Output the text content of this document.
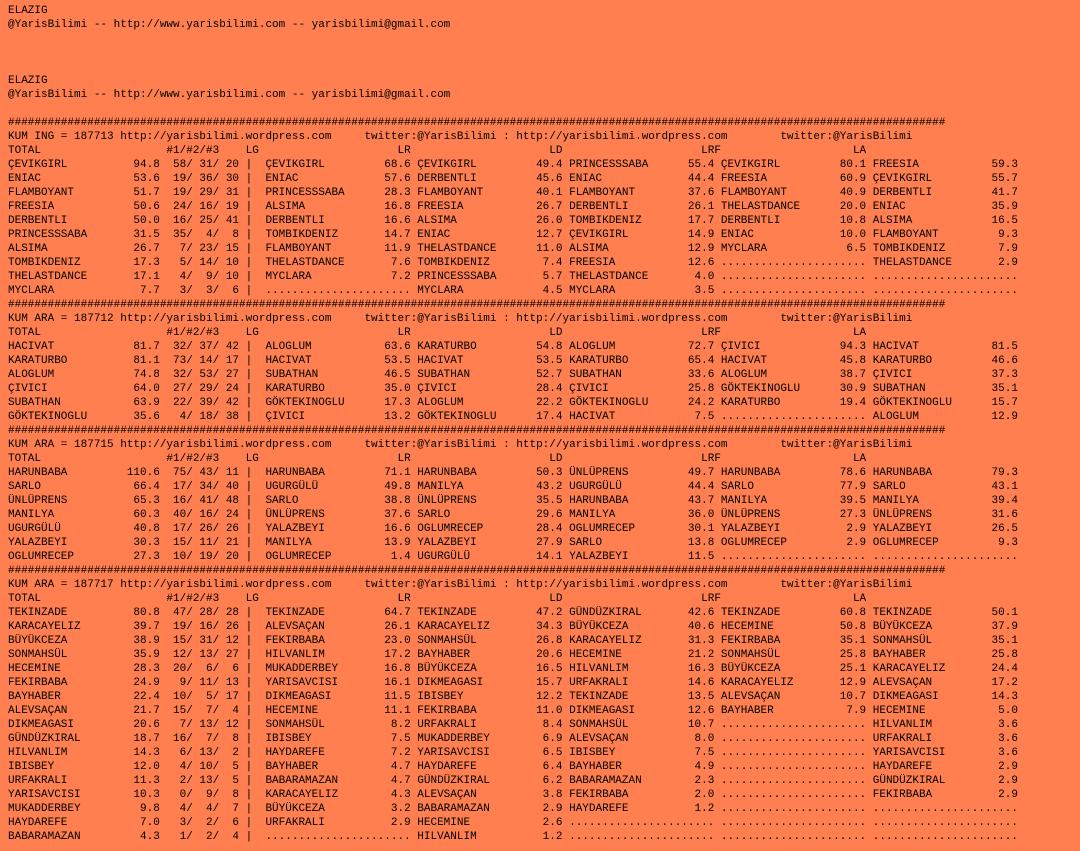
ELAZIG
@YarisBilimi -- http://www.yarisbilimi.com -- yarisbilimi@gmail.com
ELAZIG
@YarisBilimi -- http://www.yarisbilimi.com -- yarisbilimi@gmail.com
##############################################################################################################################################
KUM ING = 187713 http://yarisbilimi.wordpress.com     twitter:@YarisBilimi : http://yarisbilimi.wordpress.com        twitter:@YarisBilimi
TOTAL                   #1/#2/#3    LG                     LR                     LD                     LRF                    LA
ÇEVIKGIRL          94.8  58/ 31/ 20 |  ÇEVIKGIRL         68.6 ÇEVIKGIRL         49.4 PRINCESSSABA      55.4 ÇEVIKGIRL         80.1 FREESIA           59.3
ENIAC              53.6  19/ 36/ 30 |  ENIAC             57.6 DERBENTLI         45.6 ENIAC             44.4 FREESIA           60.9 ÇEVIKGIRL         55.7
FLAMBOYANT         51.7  19/ 29/ 31 |  PRINCESSSABA      28.3 FLAMBOYANT        40.1 FLAMBOYANT        37.6 FLAMBOYANT        40.9 DERBENTLI         41.7
FREESIA            50.6  24/ 16/ 19 |  ALSIMA            16.8 FREESIA           26.7 DERBENTLI         26.1 THELASTDANCE      20.0 ENIAC             35.9
DERBENTLI          50.0  16/ 25/ 41 |  DERBENTLI         16.6 ALSIMA            26.0 TOMBIKDENIZ       17.7 DERBENTLI         10.8 ALSIMA            16.5
PRINCESSSABA       31.5  35/  4/  8 |  TOMBIKDENIZ       14.7 ENIAC             12.7 ÇEVIKGIRL         14.9 ENIAC             10.0 FLAMBOYANT         9.3
ALSIMA             26.7   7/ 23/ 15 |  FLAMBOYANT        11.9 THELASTDANCE      11.0 ALSIMA            12.9 MYCLARA            6.5 TOMBIKDENIZ        7.9
TOMBIKDENIZ        17.3   5/ 14/ 10 |  THELASTDANCE       7.6 TOMBIKDENIZ        7.4 FREESIA           12.6 ...................... THELASTDANCE       2.9
THELASTDANCE       17.1   4/  9/ 10 |  MYCLARA            7.2 PRINCESSSABA       5.7 THELASTDANCE       4.0 ...................... ......................
MYCLARA             7.7   3/  3/  6 |  ...................... MYCLARA            4.5 MYCLARA            3.5 ...................... ......................
##############################################################################################################################################
KUM ARA = 187712 http://yarisbilimi.wordpress.com     twitter:@YarisBilimi : http://yarisbilimi.wordpress.com        twitter:@YarisBilimi
TOTAL                   #1/#2/#3    LG                     LR                     LD                     LRF                    LA
HACIVAT            81.7  32/ 37/ 42 |  ALOGLUM           63.6 KARATURBO         54.8 ALOGLUM           72.7 ÇIVICI            94.3 HACIVAT           81.5
KARATURBO          81.1  73/ 14/ 17 |  HACIVAT           53.5 HACIVAT           53.5 KARATURBO         65.4 HACIVAT           45.8 KARATURBO         46.6
ALOGLUM            74.8  32/ 53/ 27 |  SUBATHAN          46.5 SUBATHAN          52.7 SUBATHAN          33.6 ALOGLUM           38.7 ÇIVICI            37.3
ÇIVICI             64.0  27/ 29/ 24 |  KARATURBO         35.0 ÇIVICI            28.4 ÇIVICI            25.8 GÖKTEKINOGLU      30.9 SUBATHAN          35.1
SUBATHAN           63.9  22/ 39/ 42 |  GÖKTEKINOGLU      17.3 ALOGLUM           22.2 GÖKTEKINOGLU      24.2 KARATURBO         19.4 GÖKTEKINOGLU      15.7
GÖKTEKINOGLU       35.6   4/ 18/ 38 |  ÇIVICI            13.2 GÖKTEKINOGLU      17.4 HACIVAT            7.5 ...................... ALOGLUM           12.9
##############################################################################################################################################
KUM ARA = 187715 http://yarisbilimi.wordpress.com     twitter:@YarisBilimi : http://yarisbilimi.wordpress.com        twitter:@YarisBilimi
TOTAL                   #1/#2/#3    LG                     LR                     LD                     LRF                    LA
HARUNBABA         110.6  75/ 43/ 11 |  HARUNBABA         71.1 HARUNBABA         50.3 ÜNLÜPRENS         49.7 HARUNBABA         78.6 HARUNBABA         79.3
SARLO              66.4  17/ 34/ 40 |  UGURGÜLÜ          49.8 MANILYA           43.2 UGURGÜLÜ          44.4 SARLO             77.9 SARLO             43.1
ÜNLÜPRENS          65.3  16/ 41/ 48 |  SARLO             38.8 ÜNLÜPRENS         35.5 HARUNBABA         43.7 MANILYA           39.5 MANILYA           39.4
MANILYA            60.3  40/ 16/ 24 |  ÜNLÜPRENS         37.6 SARLO             29.6 MANILYA           36.0 ÜNLÜPRENS         27.3 ÜNLÜPRENS         31.6
UGURGÜLÜ           40.8  17/ 26/ 26 |  YALAZBEYI         16.6 OGLUMRECEP        28.4 OGLUMRECEP        30.1 YALAZBEYI          2.9 YALAZBEYI         26.5
YALAZBEYI          30.3  15/ 11/ 21 |  MANILYA           13.9 YALAZBEYI         27.9 SARLO             13.8 OGLUMRECEP         2.9 OGLUMRECEP         9.3
OGLUMRECEP         27.3  10/ 19/ 20 |  OGLUMRECEP         1.4 UGURGÜLÜ          14.1 YALAZBEYI         11.5 ...................... ......................
##############################################################################################################################################
KUM ARA = 187717 http://yarisbilimi.wordpress.com     twitter:@YarisBilimi : http://yarisbilimi.wordpress.com        twitter:@YarisBilimi
TOTAL                   #1/#2/#3    LG                     LR                     LD                     LRF                    LA
TEKINZADE          80.8  47/ 28/ 28 |  TEKINZADE         64.7 TEKINZADE         47.2 GÜNDÜZKIRAL       42.6 TEKINZADE         60.8 TEKINZADE         50.1
KARACAYELIZ        39.7  19/ 16/ 26 |  ALEVSAÇAN         26.1 KARACAYELIZ       34.3 BÜYÜKCEZA         40.6 HECEMINE          50.8 BÜYÜKCEZA         37.9
BÜYÜKCEZA          38.9  15/ 31/ 12 |  FEKIRBABA         23.0 SONMAHSÜL         26.8 KARACAYELIZ       31.3 FEKIRBABA         35.1 SONMAHSÜL         35.1
SONMAHSÜL          35.9  12/ 13/ 27 |  HILVANLIM         17.2 BAYHABER          20.6 HECEMINE          21.2 SONMAHSÜL         25.8 BAYHABER          25.8
HECEMINE           28.3  20/  6/  6 |  MUKADDERBEY       16.8 BÜYÜKCEZA         16.5 HILVANLIM         16.3 BÜYÜKCEZA         25.1 KARACAYELIZ       24.4
FEKIRBABA          24.9   9/ 11/ 13 |  YARISAVCISI       16.1 DIKMEAGASI        15.7 URFAKRALI         14.6 KARACAYELIZ       12.9 ALEVSAÇAN         17.2
BAYHABER           22.4  10/  5/ 17 |  DIKMEAGASI        11.5 IBISBEY           12.2 TEKINZADE         13.5 ALEVSAÇAN         10.7 DIKMEAGASI        14.3
ALEVSAÇAN          21.7  15/  7/  4 |  HECEMINE          11.1 FEKIRBABA         11.0 DIKMEAGASI        12.6 BAYHABER           7.9 HECEMINE           5.0
DIKMEAGASI         20.6   7/ 13/ 12 |  SONMAHSÜL          8.2 URFAKRALI          8.4 SONMAHSÜL         10.7 ...................... HILVANLIM          3.6
GÜNDÜZKIRAL        18.7  16/  7/  8 |  IBISBEY            7.5 MUKADDERBEY        6.9 ALEVSAÇAN          8.0 ...................... URFAKRALI          3.6
HILVANLIM          14.3   6/ 13/  2 |  HAYDAREFE          7.2 YARISAVCISI        6.5 IBISBEY            7.5 ...................... YARISAVCISI        3.6
IBISBEY            12.0   4/ 10/  5 |  BAYHABER           4.7 HAYDAREFE          6.4 BAYHABER           4.9 ...................... HAYDAREFE          2.9
URFAKRALI          11.3   2/ 13/  5 |  BABARAMAZAN        4.7 GÜNDÜZKIRAL        6.2 BABARAMAZAN        2.3 ...................... GÜNDÜZKIRAL        2.9
YARISAVCISI        10.3   0/  9/  8 |  KARACAYELIZ        4.3 ALEVSAÇAN          3.8 FEKIRBABA          2.0 ...................... FEKIRBABA          2.9
MUKADDERBEY         9.8   4/  4/  7 |  BÜYÜKCEZA          3.2 BABARAMAZAN        2.9 HAYDAREFE          1.2 ...................... ......................
HAYDAREFE           7.0   3/  2/  6 |  URFAKRALI          2.9 HECEMINE           2.6 ...................... ...................... ......................
BABARAMAZAN         4.3   1/  2/  4 |  ...................... HILVANLIM          1.2 ...................... ...................... ......................
